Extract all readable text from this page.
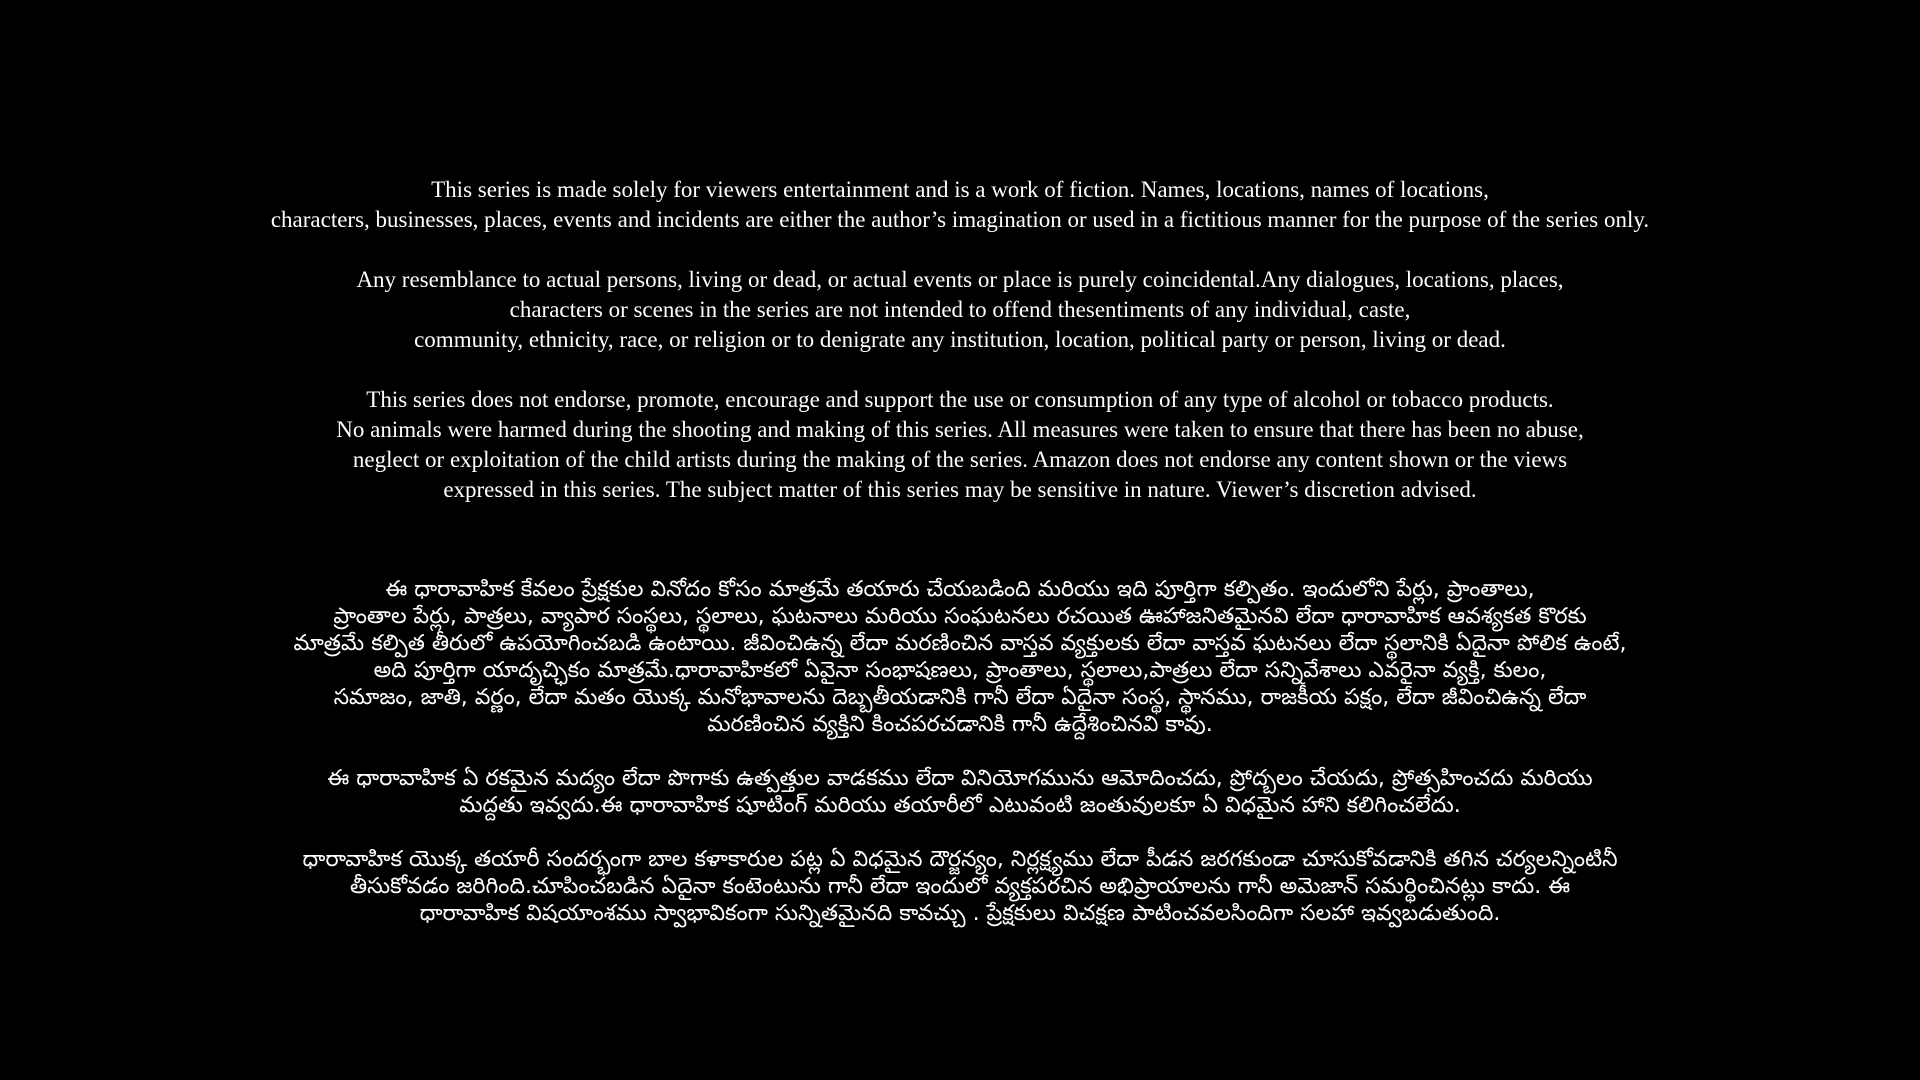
This series is made solely for viewers entertainment and is a work of fiction. Names, locations, names of locations,
characters, businesses, places, events and incidents are either the author’s imagination or used in a fictitious manner for the purpose of the series only.

Any resemblance to actual persons, living or dead, or actual events or place is purely coincidental.Any dialogues, locations, places,
characters or scenes in the series are not intended to offend thesentiments of any individual, caste,
community, ethnicity, race, or religion or to denigrate any institution, location, political party or person, living or dead.

This series does not endorse, promote, encourage and support the use or consumption of any type of alcohol or tobacco products.
No animals were harmed during the shooting and making of this series. All measures were taken to ensure that there has been no abuse,
neglect or exploitation of the child artists during the making of the series. Amazon does not endorse any content shown or the views
expressed in this series. The subject matter of this series may be sensitive in nature. Viewer’s discretion advised.

ఈ ధారావాహిక కేవలం ప్రేక్షకుల వినోదం కోసం మాత్రమే తయారు చేయబడింది మరియు ఇది పూర్తిగా కల్పితం. ఇందులోని పేర్లు, ప్రాంతాలు,
ప్రాంతాల పేర్లు, పాత్రలు, వ్యాపార సంస్థలు, స్థలాలు, ఘటనాలు మరియు సంఘటనలు రచయిత ఊహాజనితమైనవి లేదా ధారావాహిక ఆవశ్యకత కొరకు
మాత్రమే కల్పిత తీరులో ఉపయోగించబడి ఉంటాయి. జీవించిఉన్న లేదా మరణించిన వాస్తవ వ్యక్తులకు లేదా వాస్తవ ఘటనలు లేదా స్థలానికి ఏదైనా పోలిక ఉంటే,
అది పూర్తిగా యాదృచ్ఛికం మాత్రమే.ధారావాహికలో ఏవైనా సంభాషణలు, ప్రాంతాలు, స్థలాలు,పాత్రలు లేదా సన్నివేశాలు ఎవరైనా వ్యక్తి, కులం,
సమాజం, జాతి, వర్ణం, లేదా మతం యొక్క మనోభావాలను దెబ్బతీయడానికి గానీ లేదా ఏదైనా సంస్థ, స్థానము, రాజకీయ పక్షం, లేదా జీవించిఉన్న లేదా
మరణించిన వ్యక్తిని కించపరచడానికి గానీ ఉద్దేశించినవి కావు.

ఈ ధారావాహిక ఏ రకమైన మద్యం లేదా పొగాకు ఉత్పత్తుల వాడకము లేదా వినియోగమును ఆమోదించదు, ప్రోద్బలం చేయదు, ప్రోత్సహించదు మరియు
మద్దతు ఇవ్వదు.ఈ ధారావాహిక షూటింగ్ మరియు తయారీలో ఎటువంటి జంతువులకూ ఏ విధమైన హాని కలిగించలేదు.

ధారావాహిక యొక్క తయారీ సందర్భంగా బాల కళాకారుల పట్ల ఏ విధమైన దౌర్జన్యం, నిర్లక్ష్యము లేదా పీడన జరగకుండా చూసుకోవడానికి తగిన చర్యలన్నింటినీ
తీసుకోవడం జరిగింది.చూపించబడిన ఏదైనా కంటెంటును గానీ లేదా ఇందులో వ్యక్తపరచిన అభిప్రాయాలను గానీ అమెజాన్ సమర్థించినట్లు కాదు. ఈ
ధారావాహిక విషయాంశము స్వాభావికంగా సున్నితమైనది కావచ్చు . ప్రేక్షకులు విచక్షణ పాటించవలసిందిగా సలహా ఇవ్వబడుతుంది.
